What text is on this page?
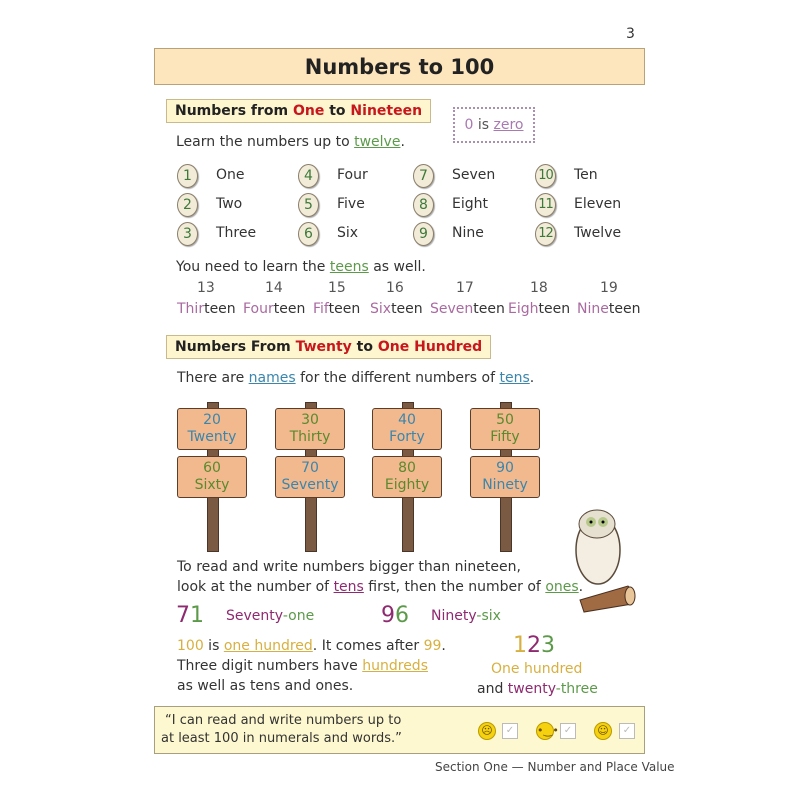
3
Numbers to 100
Numbers from One to Nineteen
0 is zero
Learn the numbers up to twelve.
1	One
2	Two
3	Three
4	Four
5	Five
6	Six
7	Seven
8	Eight
9	Nine
10 Ten
11 Eleven
12 Twelve
You need to learn the teens as well.
13
Thirteen
14
Fourteen
15
Fifteen
16
Sixteen
17
Seventeen
18
Eighteen
19
Nineteen
Numbers From Twenty to One Hundred
There are names for the different numbers of tens.
20
Twenty
60
Sixty
30
Thirty
70
Seventy
40
Forty
80
Eighty
50
Fifty
90
Ninety
To read and write numbers bigger than nineteen,
look at the number of tens first, then the number of ones.
71 Seventy-one	96 Ninety-six
100 is one hundred. It comes after 99.
Three digit numbers have hundreds
as well as tens and ones.
123
One hundred
and twenty-three
“I can read and write numbers up to
at least 100 in numerals and words.”
☹	✓	•‿• ✓	☺	✓
Section One — Number and Place Value
